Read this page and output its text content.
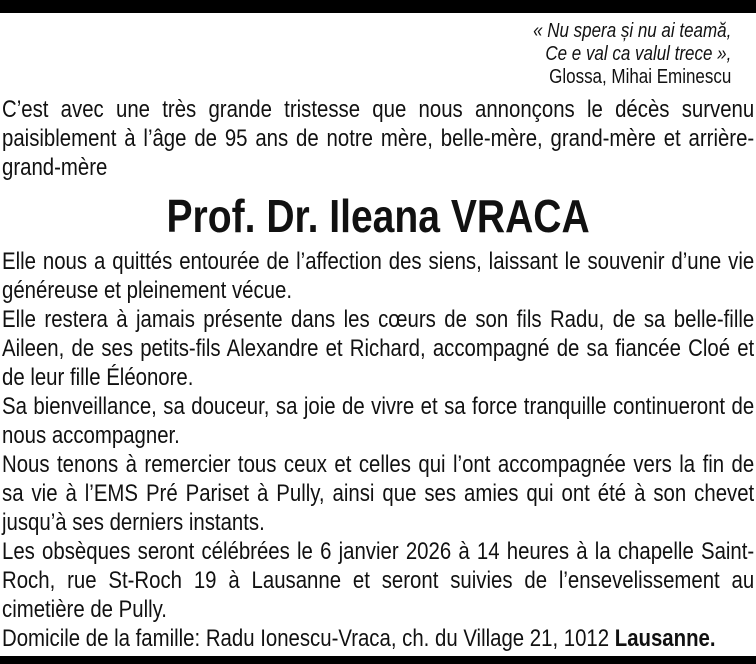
« Nu spera și nu ai teamă,
Ce e val ca valul trece »,
Glossa, Mihai Eminescu

C’est avec une très grande tristesse que nous annonçons le décès survenu paisiblement à l’âge de 95 ans de notre mère, belle-mère, grand-mère et arrière-grand-mère

Prof. Dr. Ileana VRACA

Elle nous a quittés entourée de l’affection des siens, laissant le souvenir d’une vie généreuse et pleinement vécue.

Elle restera à jamais présente dans les cœurs de son fils Radu, de sa belle-fille Aileen, de ses petits-fils Alexandre et Richard, accompagné de sa fiancée Cloé et de leur fille Éléonore.

Sa bienveillance, sa douceur, sa joie de vivre et sa force tranquille continueront de nous accompagner.

Nous tenons à remercier tous ceux et celles qui l’ont accompagnée vers la fin de sa vie à l’EMS Pré Pariset à Pully, ainsi que ses amies qui ont été à son chevet jusqu’à ses derniers instants.

Les obsèques seront célébrées le 6 janvier 2026 à 14 heures à la chapelle Saint-Roch, rue St-Roch 19 à Lausanne et seront suivies de l’ensevelissement au cimetière de Pully.

Domicile de la famille: Radu Ionescu-Vraca, ch. du Village 21, 1012 Lausanne.
